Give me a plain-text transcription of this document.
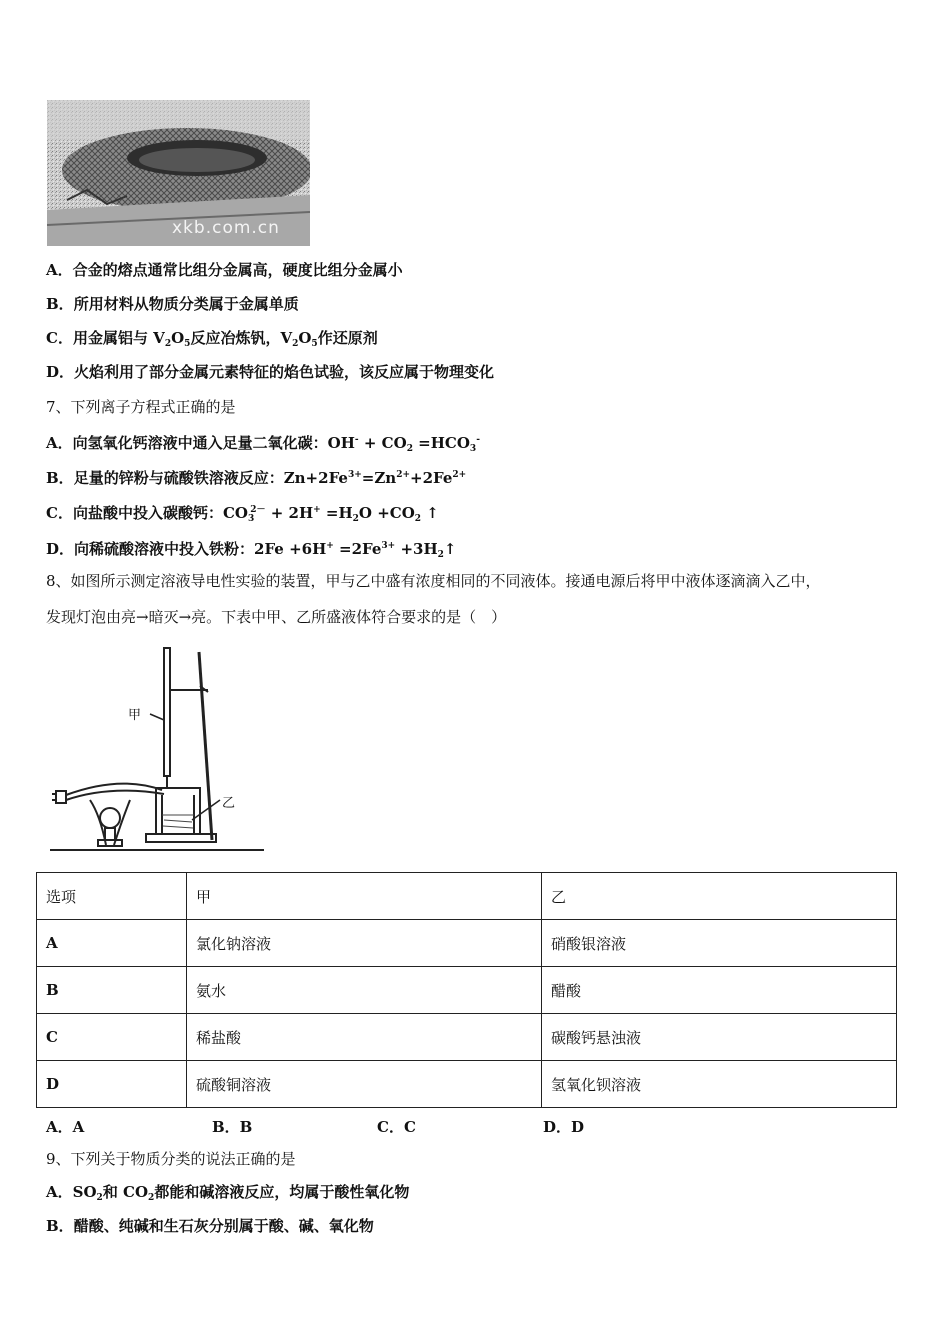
xkb.com.cn
A．合金的熔点通常比组分金属高，硬度比组分金属小
B．所用材料从物质分类属于金属单质
C．用金属铝与 $V_2O_5$反应冶炼钒，$V_2O_5$作还原剂
D．火焰利用了部分金属元素特征的焰色试验，该反应属于物理变化
7、下列离子方程式正确的是
A．向氢氧化钙溶液中通入足量二氧化碳：$OH^- + CO_2 =HCO_3^-$
B．足量的锌粉与硫酸铁溶液反应：$Zn+2Fe^{3+}=Zn^{2+}+2Fe^{2+}$
C．向盐酸中投入碳酸钙：$CO_3^{2-} + 2H^+ =H_2O +CO_2$ ↑
D．向稀硫酸溶液中投入铁粉：$2Fe +6H^+ =2Fe^{3+}$ $+3H_2↑$
8、如图所示测定溶液导电性实验的装置，甲与乙中盛有浓度相同的不同液体。接通电源后将甲中液体逐滴滴入乙中，
发现灯泡由亮→暗灭→亮。下表中甲、乙所盛液体符合要求的是（　）
甲
乙
选项	甲	乙
A	氯化钠溶液	硝酸银溶液
B	氨水	醋酸
C	稀盐酸	碳酸钙悬浊液
D	硫酸铜溶液	氢氧化钡溶液
A．A	B．B	C．C	D．D
9、下列关于物质分类的说法正确的是
A．$SO_2$和 $CO_2$都能和碱溶液反应，均属于酸性氧化物
B．醋酸、纯碱和生石灰分别属于酸、碱、氧化物
